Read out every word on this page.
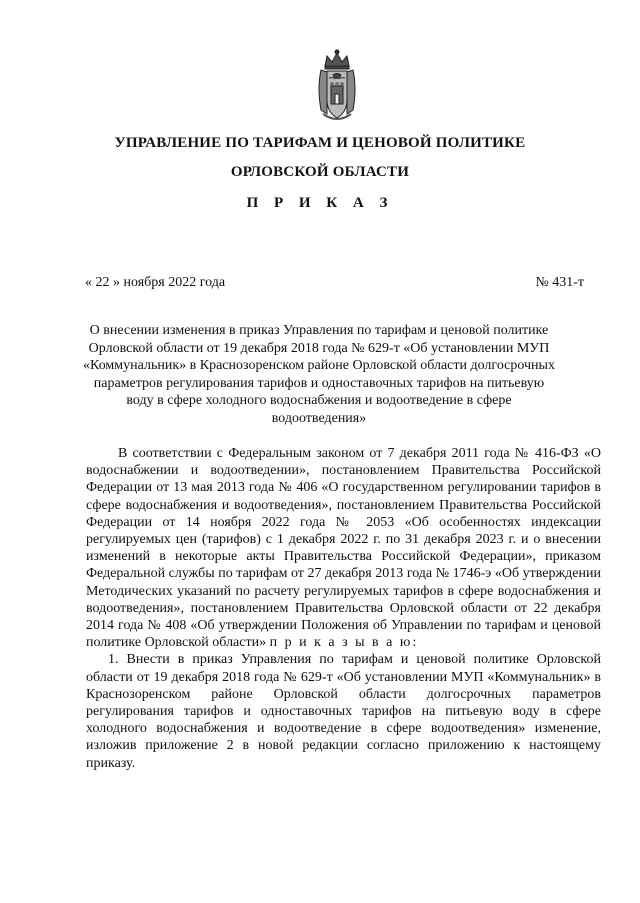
УПРАВЛЕНИЕ ПО ТАРИФАМ И ЦЕНОВОЙ ПОЛИТИКЕ
ОРЛОВСКОЙ ОБЛАСТИ
П Р И К А З
« 22 » ноября 2022 года	№ 431-т
О внесении изменения в приказ Управления по тарифам и ценовой политике Орловской области от 19 декабря 2018 года № 629-т «Об установлении МУП «Коммунальник» в Краснозоренском районе Орловской области долгосрочных параметров регулирования тарифов и одноставочных тарифов на питьевую воду в сфере холодного водоснабжения и водоотведение в сфере водоотведения»

В соответствии с Федеральным законом от 7 декабря 2011 года № 416-ФЗ «О водоснабжении и водоотведении», постановлением Правительства Российской Федерации от 13 мая 2013 года № 406 «О государственном регулировании тарифов в сфере водоснабжения и водоотведения», постановлением Правительства Российской Федерации от 14 ноября 2022 года № 2053 «Об особенностях индексации регулируемых цен (тарифов) с 1 декабря 2022 г. по 31 декабря 2023 г. и о внесении изменений в некоторые акты Правительства Российской Федерации», приказом Федеральной службы по тарифам от 27 декабря 2013 года № 1746-э «Об утверждении Методических указаний по расчету регулируемых тарифов в сфере водоснабжения и водоотведения», постановлением Правительства Орловской области от 22 декабря 2014 года № 408 «Об утверждении Положения об Управлении по тарифам и ценовой политике Орловской области» п р и к а з ы в а ю:

1. Внести в приказ Управления по тарифам и ценовой политике Орловской области от 19 декабря 2018 года № 629-т «Об установлении МУП «Коммунальник» в Краснозоренском районе Орловской области долгосрочных параметров регулирования тарифов и одноставочных тарифов на питьевую воду в сфере холодного водоснабжения и водоотведение в сфере водоотведения» изменение, изложив приложение 2 в новой редакции согласно приложению к настоящему приказу.
